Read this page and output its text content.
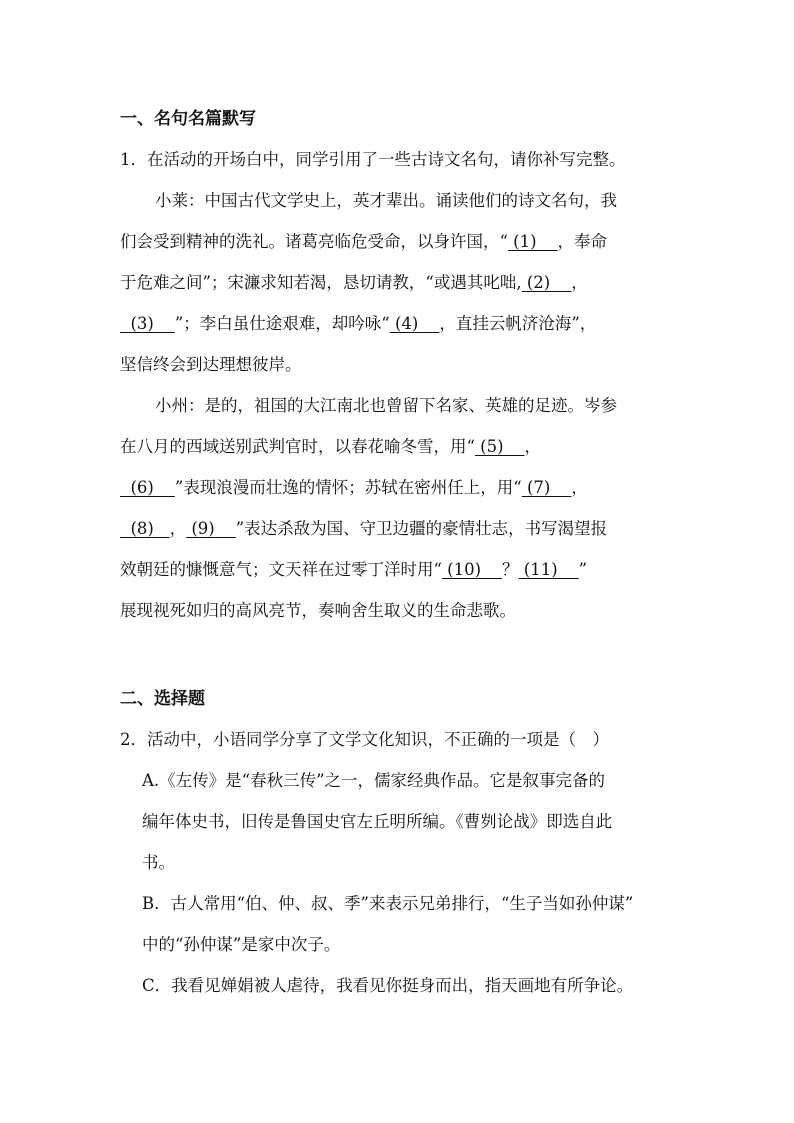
一、名句名篇默写
1．在活动的开场白中，同学引用了一些古诗文名句，请你补写完整。
小莱：中国古代文学史上，英才辈出。诵读他们的诗文名句，我
们会受到精神的洗礼。诸葛亮临危受命，以身许国，“ (1)    ，奉命
于危难之间”；宋濂求知若渴，恳切请教，“或遇其叱咄, (2)    ，
(3)    ”；李白虽仕途艰难，却吟咏“ (4)    ，直挂云帆济沧海”，
坚信终会到达理想彼岸。
小州：是的，祖国的大江南北也曾留下名家、英雄的足迹。岑参
在八月的西域送别武判官时，以春花喻冬雪，用“ (5)    ，
(6)    ”表现浪漫而壮逸的情怀；苏轼在密州任上，用“ (7)    ，
(8)   ， (9)    ”表达杀敌为国、守卫边疆的豪情壮志，书写渴望报
效朝廷的慷慨意气；文天祥在过零丁洋时用“ (10)    ？ (11)    ”
展现视死如归的高风亮节，奏响舍生取义的生命悲歌。
二、选择题
2．活动中，小语同学分享了文学文化知识，不正确的一项是（　）
A.《左传》是“春秋三传”之一，儒家经典作品。它是叙事完备的
编年体史书，旧传是鲁国史官左丘明所编。《曹刿论战》即选自此
书。
B．古人常用“伯、仲、叔、季”来表示兄弟排行，“生子当如孙仲谋”
中的“孙仲谋”是家中次子。
C．我看见婵娟被人虐待，我看见你挺身而出，指天画地有所争论。
